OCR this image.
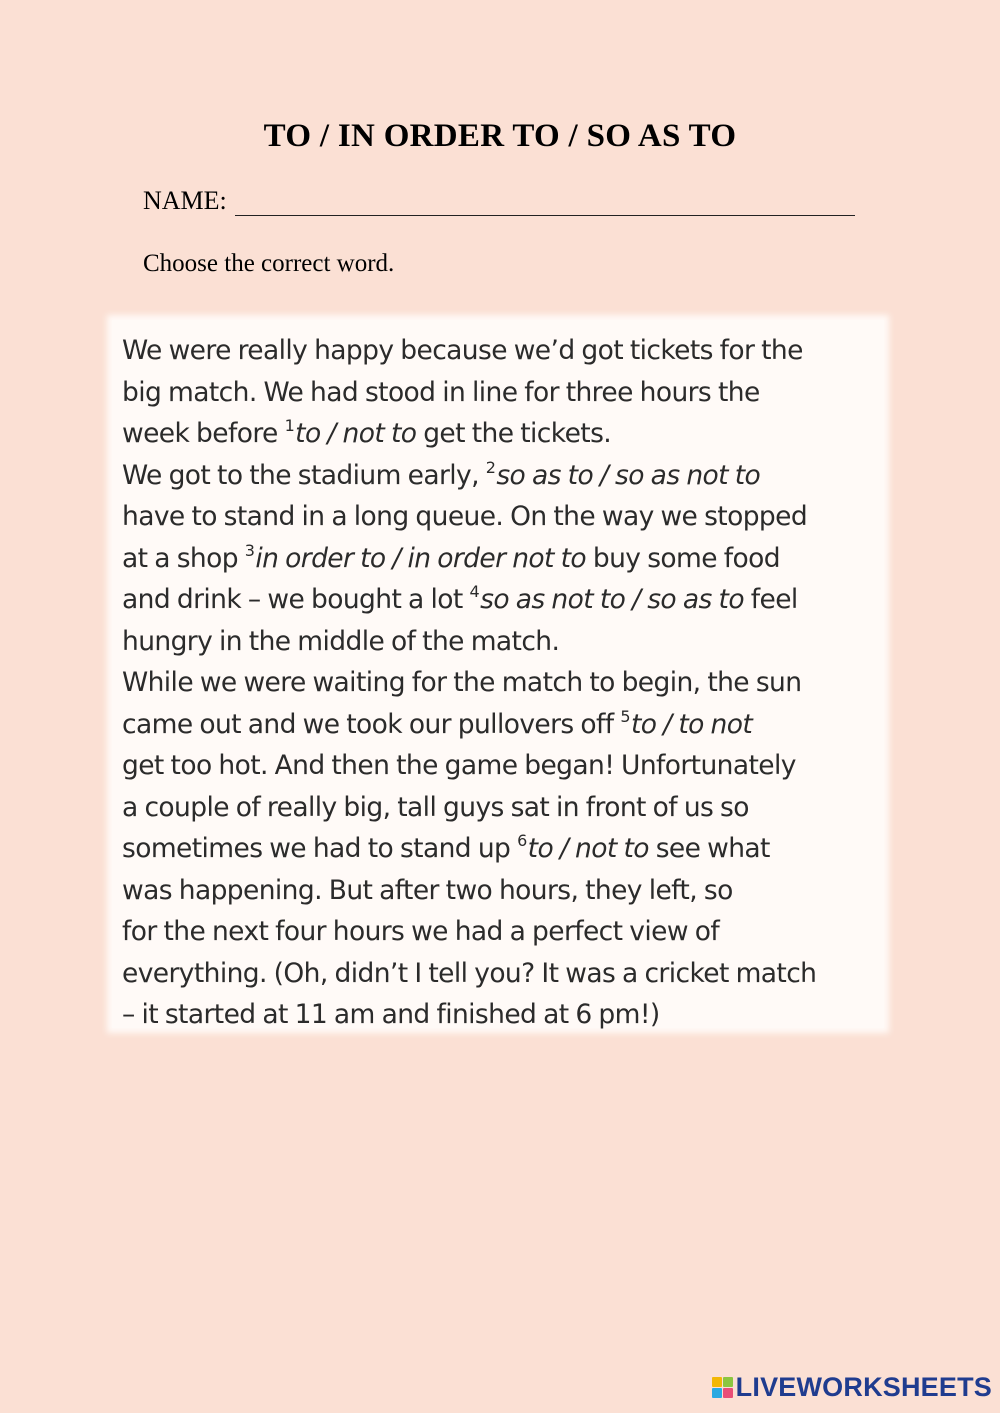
TO / IN ORDER TO / SO AS TO
NAME:
Choose the correct word.
We were really happy because we’d got tickets for the
big match. We had stood in line for three hours the
week before $^1$to / not to get the tickets.
We got to the stadium early, $^2$so as to / so as not to
have to stand in a long queue. On the way we stopped
at a shop $^3$in order to / in order not to buy some food
and drink – we bought a lot $^4$so as not to / so as to feel
hungry in the middle of the match.
While we were waiting for the match to begin, the sun
came out and we took our pullovers off $^5$to / to not
get too hot. And then the game began! Unfortunately
a couple of really big, tall guys sat in front of us so
sometimes we had to stand up $^6$to / not to see what
was happening. But after two hours, they left, so
for the next four hours we had a perfect view of
everything. (Oh, didn’t I tell you? It was a cricket match
– it started at 11 am and finished at 6 pm!)
LIVEWORKSHEETS
